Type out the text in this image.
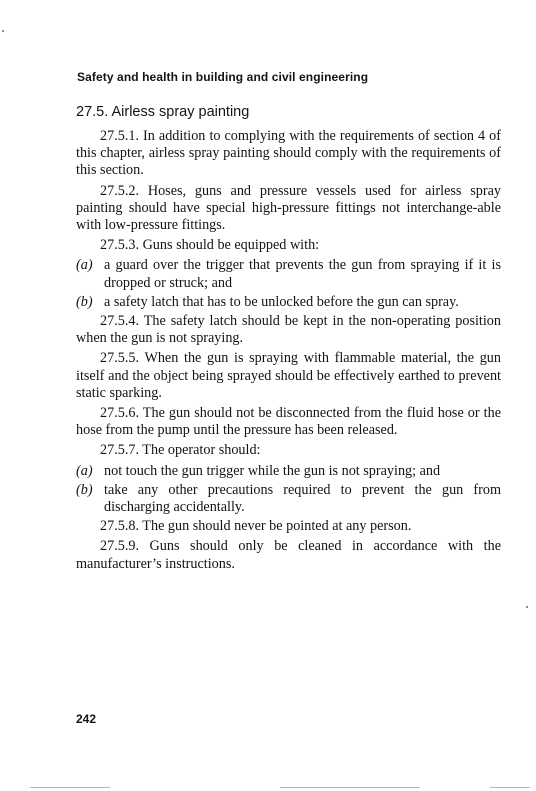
Safety and health in building and civil engineering
27.5. Airless spray painting

27.5.1. In addition to complying with the requirements of section 4 of this chapter, airless spray painting should comply with the requirements of this section.

27.5.2. Hoses, guns and pressure vessels used for airless spray painting should have special high-pressure fittings not interchange-able with low-pressure fittings.

27.5.3. Guns should be equipped with:

(a) a guard over the trigger that prevents the gun from spraying if it is dropped or struck; and

(b) a safety latch that has to be unlocked before the gun can spray.

27.5.4. The safety latch should be kept in the non-operating position when the gun is not spraying.

27.5.5. When the gun is spraying with flammable material, the gun itself and the object being sprayed should be effectively earthed to prevent static sparking.

27.5.6. The gun should not be disconnected from the fluid hose or the hose from the pump until the pressure has been released.

27.5.7. The operator should:

(a) not touch the gun trigger while the gun is not spraying; and

(b) take any other precautions required to prevent the gun from discharging accidentally.

27.5.8. The gun should never be pointed at any person.

27.5.9. Guns should only be cleaned in accordance with the manufacturer’s instructions.

242
